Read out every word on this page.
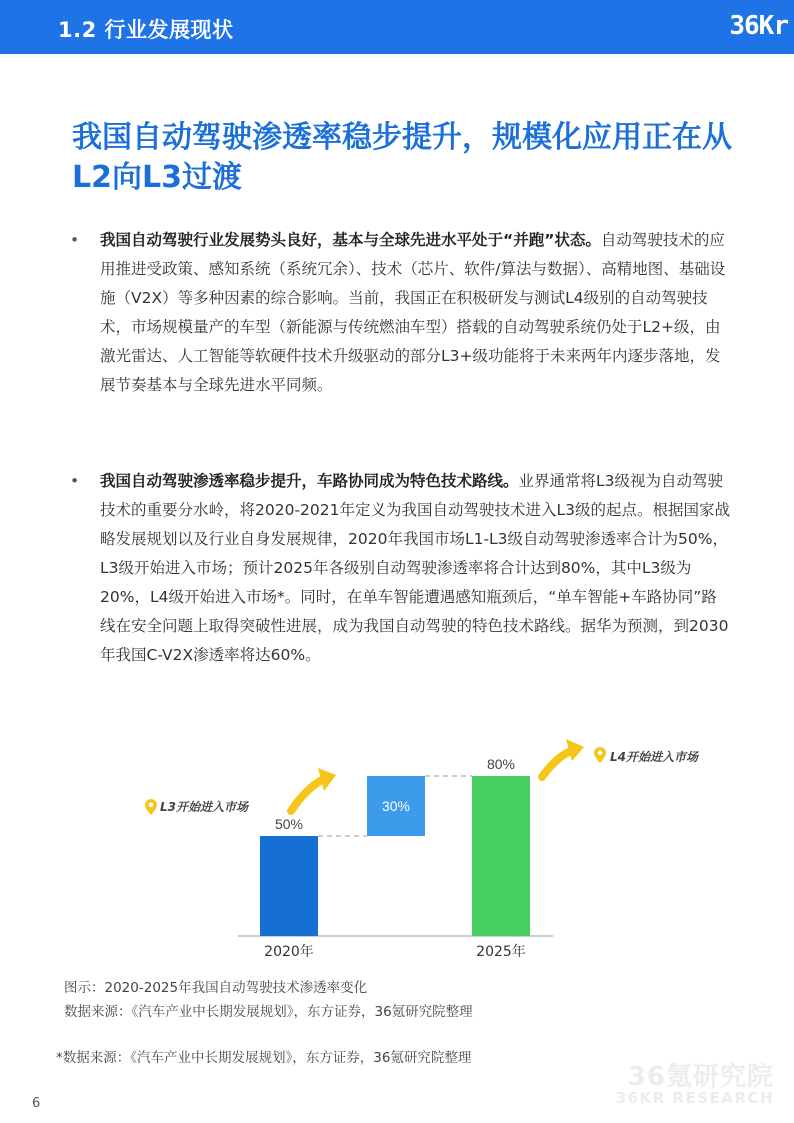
1.2 行业发展现状	36Kr
我国自动驾驶渗透率稳步提升，规模化应用正在从L2向L3过渡
• 我国自动驾驶行业发展势头良好，基本与全球先进水平处于“并跑”状态。自动驾驶技术的应用推进受政策、感知系统（系统冗余）、技术（芯片、软件/算法与数据）、高精地图、基础设施（V2X）等多种因素的综合影响。当前，我国正在积极研发与测试L4级别的自动驾驶技术，市场规模量产的车型（新能源与传统燃油车型）搭载的自动驾驶系统仍处于L2+级，由激光雷达、人工智能等软硬件技术升级驱动的部分L3+级功能将于未来两年内逐步落地，发展节奏基本与全球先进水平同频。
• 我国自动驾驶渗透率稳步提升，车路协同成为特色技术路线。业界通常将L3级视为自动驾驶技术的重要分水岭，将2020-2021年定义为我国自动驾驶技术进入L3级的起点。根据国家战略发展规划以及行业自身发展规律，2020年我国市场L1-L3级自动驾驶渗透率合计为50%，L3级开始进入市场；预计2025年各级别自动驾驶渗透率将合计达到80%，其中L3级为20%，L4级开始进入市场*。同时，在单车智能遭遇感知瓶颈后，“单车智能+车路协同”路线在安全问题上取得突破性进展，成为我国自动驾驶的特色技术路线。据华为预测，到2030年我国C-V2X渗透率将达60%。
50%
30%
80%
2020年	2025年
L3开始进入市场
L4开始进入市场
图示：2020-2025年我国自动驾驶技术渗透率变化
数据来源：《汽车产业中长期发展规划》，东方证券，36氪研究院整理
*数据来源：《汽车产业中长期发展规划》，东方证券，36氪研究院整理
6
36氪研究院
36KR RESEARCH
